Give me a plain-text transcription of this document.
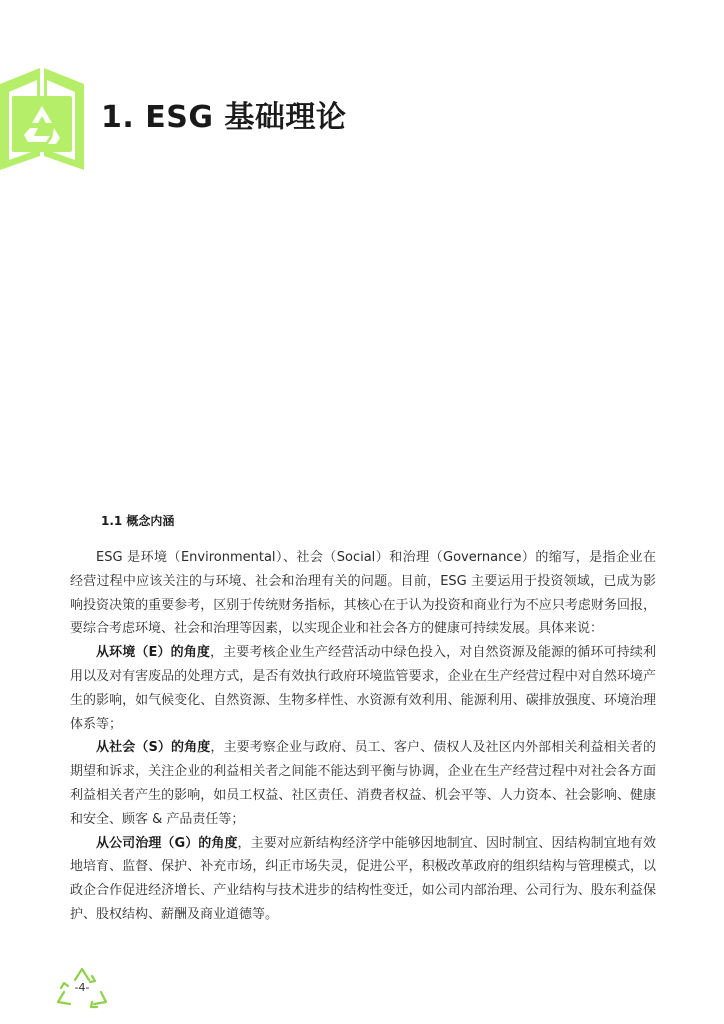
1. ESG 基础理论
1.1 概念内涵

ESG 是环境（Environmental）、社会（Social）和治理（Governance）的缩写，是指企业在经营过程中应该关注的与环境、社会和治理有关的问题。目前，ESG 主要运用于投资领域，已成为影响投资决策的重要参考，区别于传统财务指标，其核心在于认为投资和商业行为不应只考虑财务回报，要综合考虑环境、社会和治理等因素，以实现企业和社会各方的健康可持续发展。具体来说：

从环境（E）的角度，主要考核企业生产经营活动中绿色投入，对自然资源及能源的循环可持续利用以及对有害废品的处理方式，是否有效执行政府环境监管要求，企业在生产经营过程中对自然环境产生的影响，如气候变化、自然资源、生物多样性、水资源有效利用、能源利用、碳排放强度、环境治理体系等；

从社会（S）的角度，主要考察企业与政府、员工、客户、债权人及社区内外部相关利益相关者的期望和诉求，关注企业的利益相关者之间能不能达到平衡与协调，企业在生产经营过程中对社会各方面利益相关者产生的影响，如员工权益、社区责任、消费者权益、机会平等、人力资本、社会影响、健康和安全、顾客 & 产品责任等；

从公司治理（G）的角度，主要对应新结构经济学中能够因地制宜、因时制宜、因结构制宜地有效地培育、监督、保护、补充市场，纠正市场失灵，促进公平，积极改革政府的组织结构与管理模式，以政企合作促进经济增长、产业结构与技术进步的结构性变迁，如公司内部治理、公司行为、股东利益保护、股权结构、薪酬及商业道德等。

-4-
